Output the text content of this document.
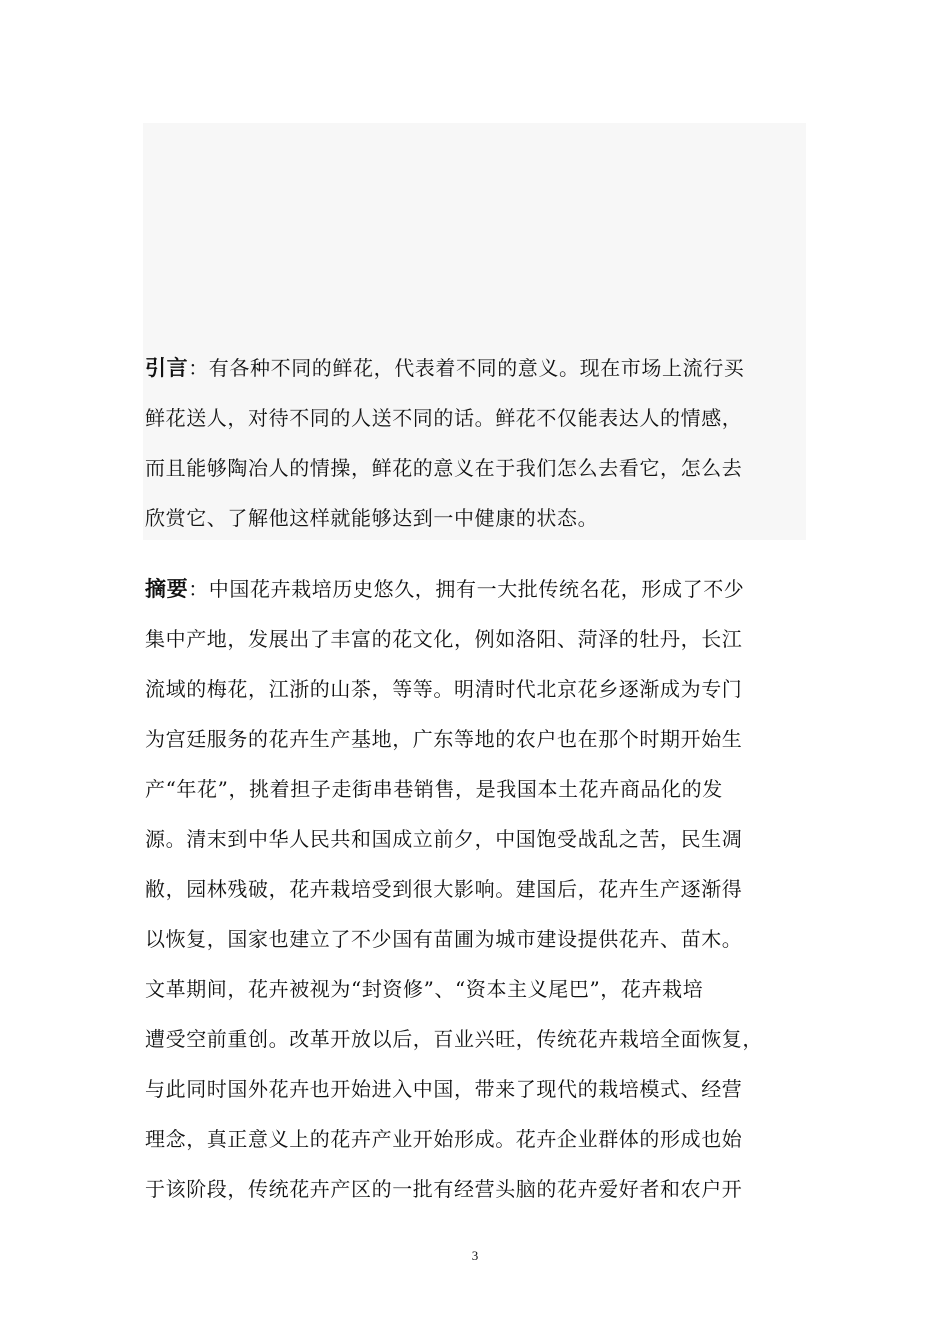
引言：有各种不同的鲜花，代表着不同的意义。现在市场上流行买
鲜花送人，对待不同的人送不同的话。鲜花不仅能表达人的情感，
而且能够陶冶人的情操，鲜花的意义在于我们怎么去看它，怎么去
欣赏它、了解他这样就能够达到一中健康的状态。
摘要：中国花卉栽培历史悠久，拥有一大批传统名花，形成了不少
集中产地，发展出了丰富的花文化，例如洛阳、菏泽的牡丹，长江
流域的梅花，江浙的山茶，等等。明清时代北京花乡逐渐成为专门
为宫廷服务的花卉生产基地，广东等地的农户也在那个时期开始生
产“年花”，挑着担子走街串巷销售，是我国本土花卉商品化的发
源。清末到中华人民共和国成立前夕，中国饱受战乱之苦，民生凋
敝，园林残破，花卉栽培受到很大影响。建国后，花卉生产逐渐得
以恢复，国家也建立了不少国有苗圃为城市建设提供花卉、苗木。
文革期间，花卉被视为“封资修”、“资本主义尾巴”，花卉栽培
遭受空前重创。改革开放以后，百业兴旺，传统花卉栽培全面恢复，
与此同时国外花卉也开始进入中国，带来了现代的栽培模式、经营
理念，真正意义上的花卉产业开始形成。花卉企业群体的形成也始
于该阶段，传统花卉产区的一批有经营头脑的花卉爱好者和农户开
3
